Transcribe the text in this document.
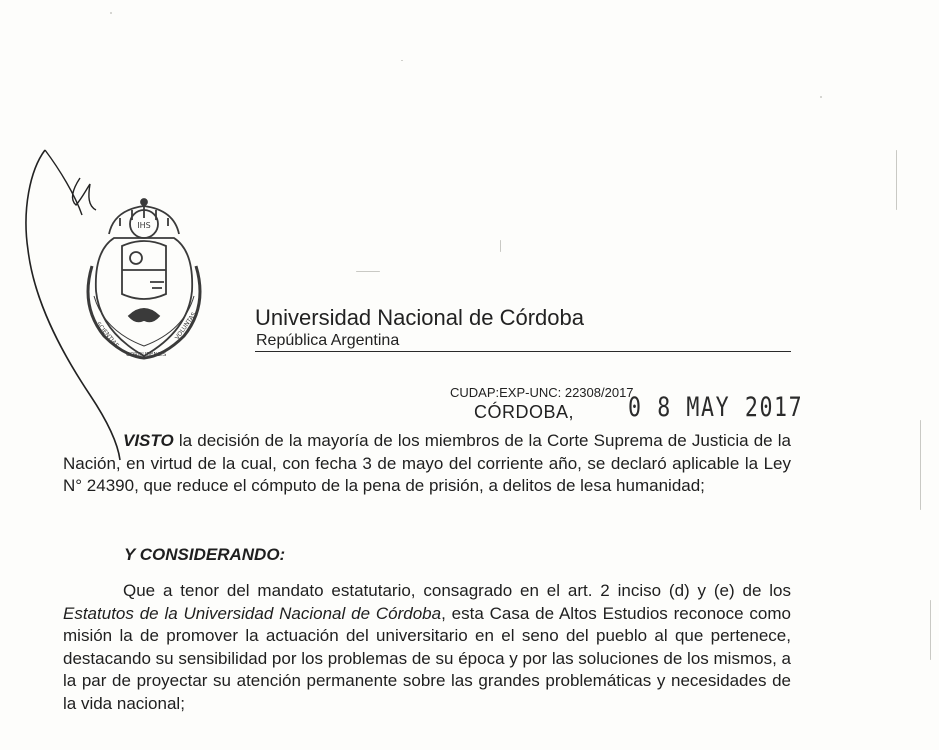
IHS
SCIENTIAE	VOLUNTAS
CORDUBENSIS
Universidad Nacional de Córdoba
República Argentina
CUDAP:EXP-UNC: 22308/2017
CÓRDOBA, 0 8 MAY 2017

VISTO la decisión de la mayoría de los miembros de la Corte Suprema de Justicia de la Nación, en virtud de la cual, con fecha 3 de mayo del corriente año, se declaró aplicable la Ley N° 24390, que reduce el cómputo de la pena de prisión, a delitos de lesa humanidad;

Y CONSIDERANDO:

Que a tenor del mandato estatutario, consagrado en el art. 2 inciso (d) y (e) de los Estatutos de la Universidad Nacional de Córdoba, esta Casa de Altos Estudios reconoce como misión la de promover la actuación del universitario en el seno del pueblo al que pertenece, destacando su sensibilidad por los problemas de su época y por las soluciones de los mismos, a la par de proyectar su atención permanente sobre las grandes problemáticas y necesidades de la vida nacional;
